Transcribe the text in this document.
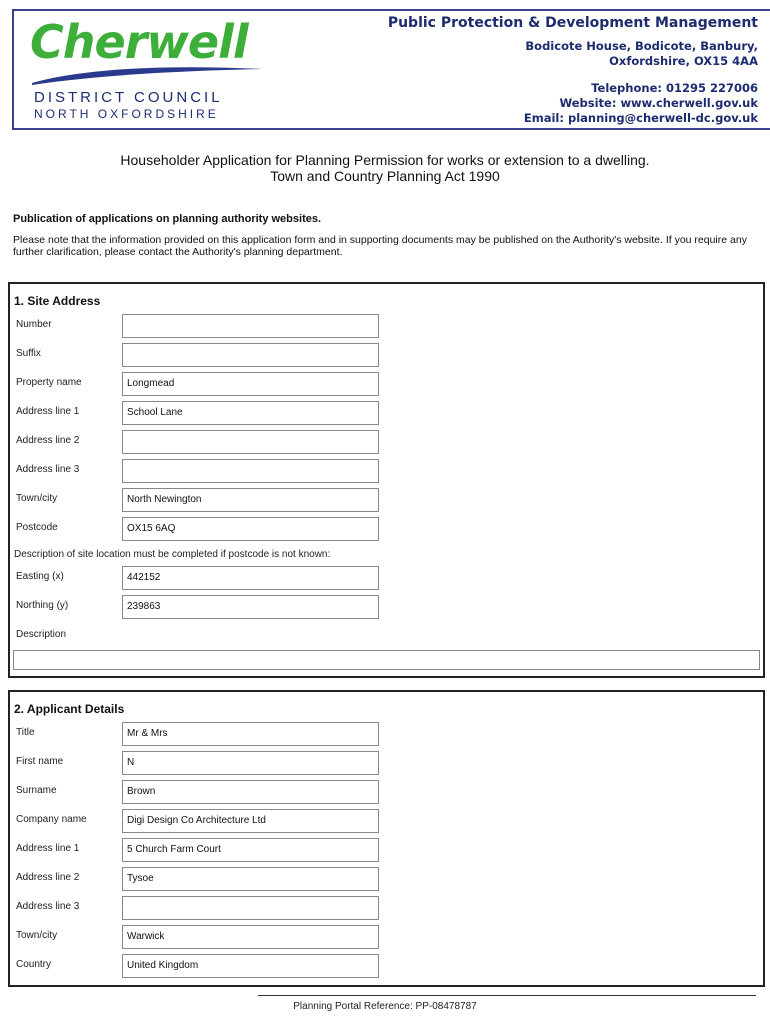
Cherwell
DISTRICT COUNCIL
NORTH OXFORDSHIRE
Public Protection & Development Management
Bodicote House, Bodicote, Banbury,
Oxfordshire, OX15 4AA
Telephone: 01295 227006
Website: www.cherwell.gov.uk
Email: planning@cherwell-dc.gov.uk
Householder Application for Planning Permission for works or extension to a dwelling.
Town and Country Planning Act 1990
Publication of applications on planning authority websites.
Please note that the information provided on this application form and in supporting documents may be published on the Authority's website. If you require any further clarification, please contact the Authority's planning department.
1. Site Address
Number
Suffix
Property name	Longmead
Address line 1	School Lane
Address line 2
Address line 3
Town/city	North Newington
Postcode	OX15 6AQ
Description of site location must be completed if postcode is not known:
Easting (x)	442152
Northing (y)	239863
Description
2. Applicant Details
Title	Mr & Mrs
First name	N
Surname	Brown
Company name	Digi Design Co Architecture Ltd
Address line 1	5 Church Farm Court
Address line 2	Tysoe
Address line 3
Town/city	Warwick
Country	United Kingdom
Planning Portal Reference: PP-08478787
